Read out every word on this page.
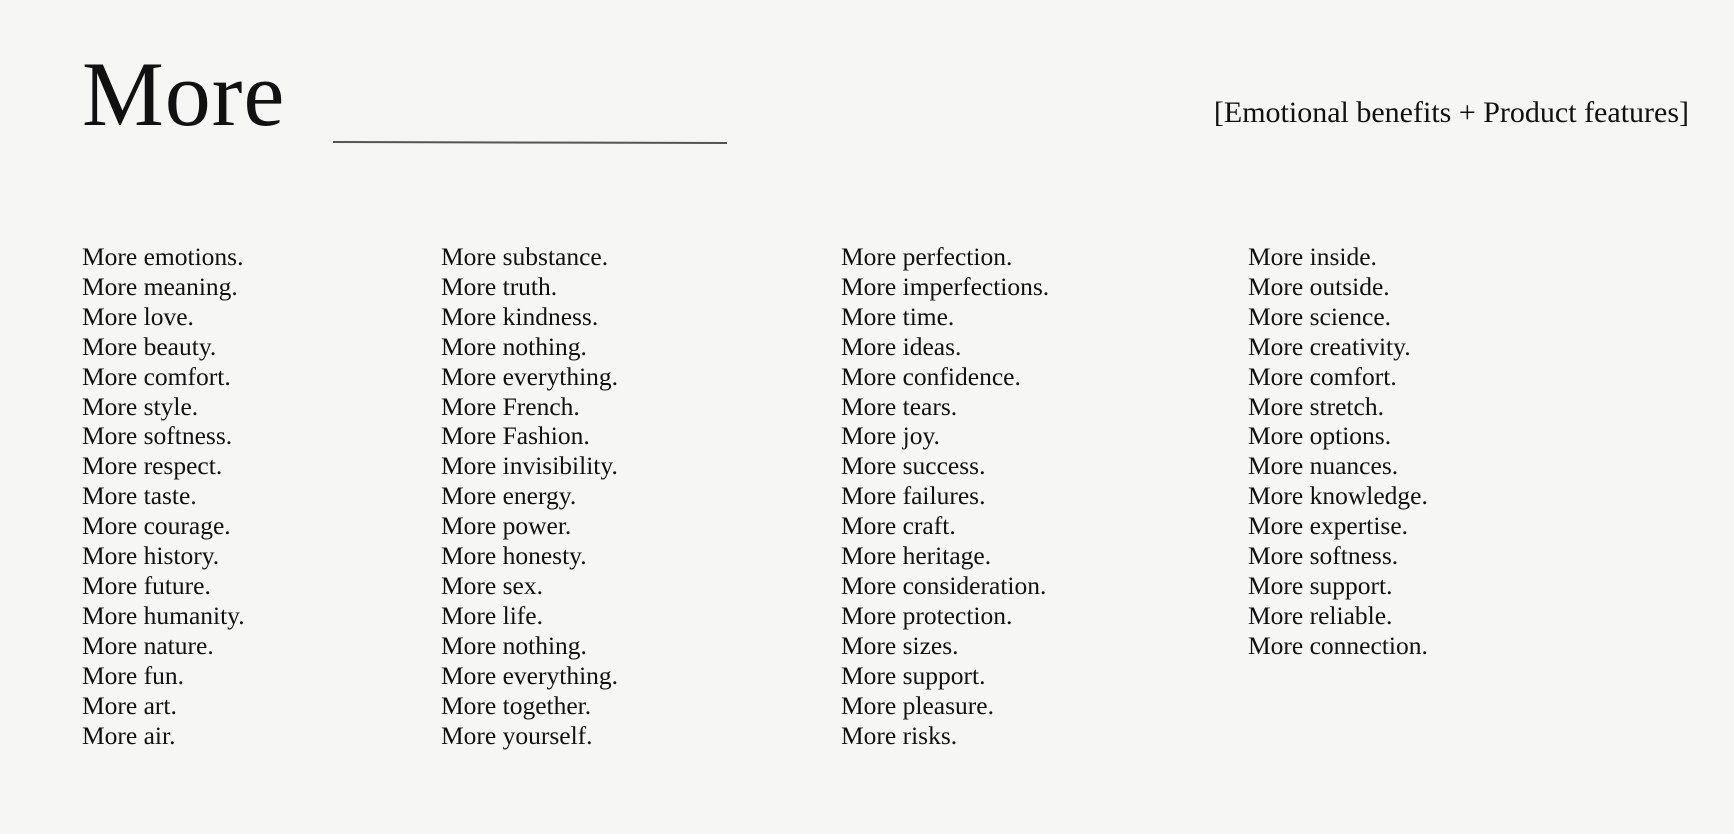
More	[Emotional benefits + Product features]
More emotions.
More meaning.
More love.
More beauty.
More comfort.
More style.
More softness.
More respect.
More taste.
More courage.
More history.
More future.
More humanity.
More nature.
More fun.
More art.
More air.
More substance.
More truth.
More kindness.
More nothing.
More everything.
More French.
More Fashion.
More invisibility.
More energy.
More power.
More honesty.
More sex.
More life.
More nothing.
More everything.
More together.
More yourself.
More perfection.
More imperfections.
More time.
More ideas.
More confidence.
More tears.
More joy.
More success.
More failures.
More craft.
More heritage.
More consideration.
More protection.
More sizes.
More support.
More pleasure.
More risks.
More inside.
More outside.
More science.
More creativity.
More comfort.
More stretch.
More options.
More nuances.
More knowledge.
More expertise.
More softness.
More support.
More reliable.
More connection.
